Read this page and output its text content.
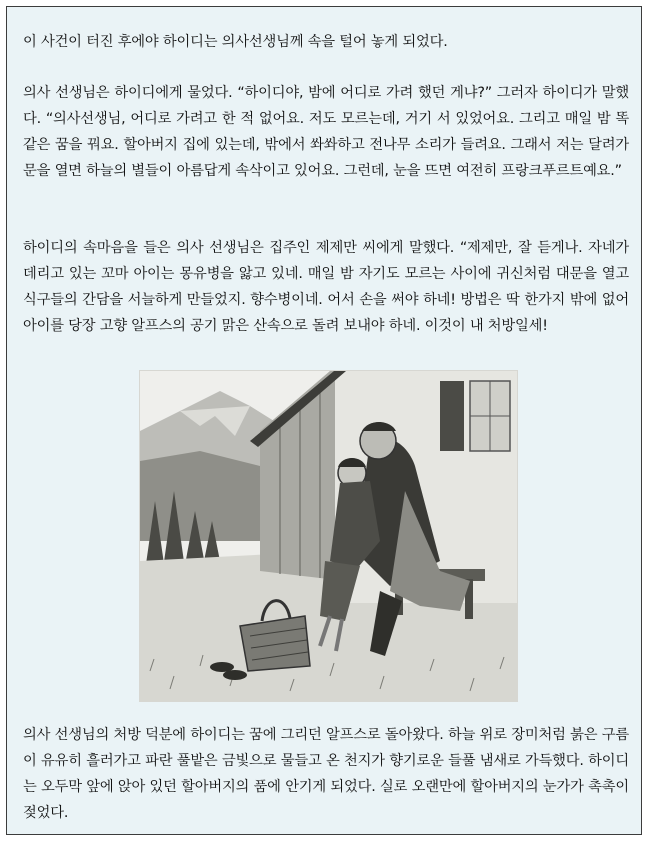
이 사건이 터진 후에야 하이디는 의사선생님께 속을 털어 놓게 되었다.

의사 선생님은 하이디에게 물었다. “하이디야, 밤에 어디로 가려 했던 게냐?” 그러자 하이디가 말했다. “의사선생님, 어디로 가려고 한 적 없어요. 저도 모르는데, 거기 서 있었어요. 그리고 매일 밤 똑 같은 꿈을 꿔요. 할아버지 집에 있는데, 밖에서 쏴쏴하고 전나무 소리가 들려요. 그래서 저는 달려가 문을 열면 하늘의 별들이 아름답게 속삭이고 있어요. 그런데, 눈을 뜨면 여전히 프랑크푸르트예요.”

하이디의 속마음을 들은 의사 선생님은 집주인 제제만 씨에게 말했다. “제제만, 잘 듣게나. 자네가 데리고 있는 꼬마 아이는 몽유병을 앓고 있네. 매일 밤 자기도 모르는 사이에 귀신처럼 대문을 열고 식구들의 간담을 서늘하게 만들었지. 향수병이네. 어서 손을 써야 하네! 방법은 딱 한가지 밖에 없어 아이를 당장 고향 알프스의 공기 맑은 산속으로 돌려 보내야 하네. 이것이 내 처방일세!

의사 선생님의 처방 덕분에 하이디는 꿈에 그리던 알프스로 돌아왔다. 하늘 위로 장미처럼 붉은 구름이 유유히 흘러가고 파란 풀밭은 금빛으로 물들고 온 천지가 향기로운 들풀 냄새로 가득했다. 하이디는 오두막 앞에 앉아 있던 할아버지의 품에 안기게 되었다. 실로 오랜만에 할아버지의 눈가가 촉촉이 젖었다.
